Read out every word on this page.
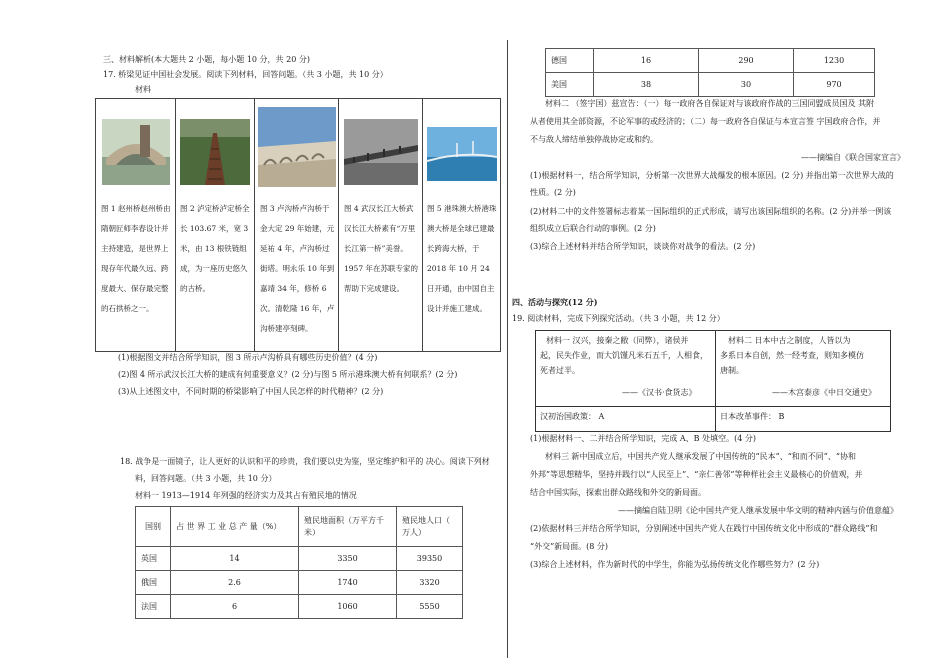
三、材料解析(本大题共 2 小题，每小题 10 分，共 20 分)
17. 桥梁见证中国社会发展。阅读下列材料，回答问题。（共 3 小题，共 10 分）
材料
图 1 赵州桥赵州桥由隋朝匠师李春设计并主持建造，是世界上现存年代最久远、跨度最大、保存最完整的石拱桥之一。
图 2 泸定桥泸定桥全长 103.67 米，宽 3 米，由 13 根铁链组成，为一座历史悠久的古桥。
图 3 卢沟桥卢沟桥于金大定 29 年始建，元延祐 4 年，卢沟桥过街塔。明永乐 10 年到嘉靖 34 年，修桥 6 次。清乾隆 16 年，卢沟桥建亭刻碑。
图 4 武汉长江大桥武汉长江大桥素有“万里长江第一桥”美誉。1957 年在苏联专家的帮助下完成建设。
图 5 港珠澳大桥港珠澳大桥是全球已建最长跨海大桥，于 2018 年 10 月 24 日开通，由中国自主设计并施工建成。
(1)根据图文并结合所学知识，图 3 所示卢沟桥具有哪些历史价值？(4 分)
(2)图 4 所示武汉长江大桥的建成有何重要意义？(2 分)与图 5 所示港珠澳大桥有何联系？(2 分)
(3)从上述图文中，不同时期的桥梁影响了中国人民怎样的时代精神？(2 分)
18. 战争是一面镜子，让人更好的认识和平的珍贵，我们要以史为鉴，坚定维护和平的 决心。阅读下列材
料，回答问题。（共 3 小题，共 10 分）
材料一 1913—1914 年列强的经济实力及其占有殖民地的情况
国别	占 世 界 工 业 总 产 量（%）	殖民地面积（万平方千米）	殖民地人口（ 万人）
英国	14	3350	39350
俄国	2.6	1740	3320
法国	6	1060	5550
德国	16	290	1230
美国	38	30	970
材料二 （签字国）兹宣告：（一）每一政府各自保证对与该政府作战的三国同盟成员国及 其附
从者使用其全部资源，不论军事的或经济的；（二）每一政府各自保证与本宣言签 字国政府合作，并
不与敌人缔结单独停战协定或和约。
——摘编自《联合国家宣言》
(1)根据材料一，结合所学知识，分析第一次世界大战爆发的根本原因。(2 分) 并指出第一次世界大战的
性质。(2 分)
(2)材料二中的文件签署标志着某一国际组织的正式形成，请写出该国际组织的名称。(2 分)并举一例该
组织成立后联合行动的事例。(2 分)
(3)综合上述材料并结合所学知识，谈谈你对战争的看法。(2 分)
四、活动与探究(12 分)
19. 阅读材料，完成下列探究活动。（共 3 小题，共 12 分）
材料一 汉兴，接秦之敝（同弊），诸侯并
起，民失作业，而大饥馑凡米石五千，人相食，
死者过半。
——《汉书·食货志》
材料二 日本中古之制度，人皆以为
多系日本自创，然一经考查，则知多模仿
唐制。
——木宫泰彦《中日交通史》
汉初治国政策： A	日本改革事件： B
(1)根据材料一、二并结合所学知识，完成 A、B 处填空。(4 分)
材料三 新中国成立后，中国共产党人继承发展了中国传统的“民本”、“和而不同”、“协和
外邦”等思想精华，坚持并践行以“人民至上”、“亲仁善邻”等种样社会主义最核心的价值观，并
结合中国实际，探索出群众路线和外交的新局面。
——摘编自陆卫明《论中国共产党人继承发展中华文明的精神内涵与价值意蕴》
(2)依据材料三并结合所学知识，分别阐述中国共产党人在践行中国传统文化中形成的“群众路线”和
“外交”新局面。(8 分)
(3)综合上述材料，作为新时代的中学生，你能为弘扬传统文化作哪些努力？(2 分)
